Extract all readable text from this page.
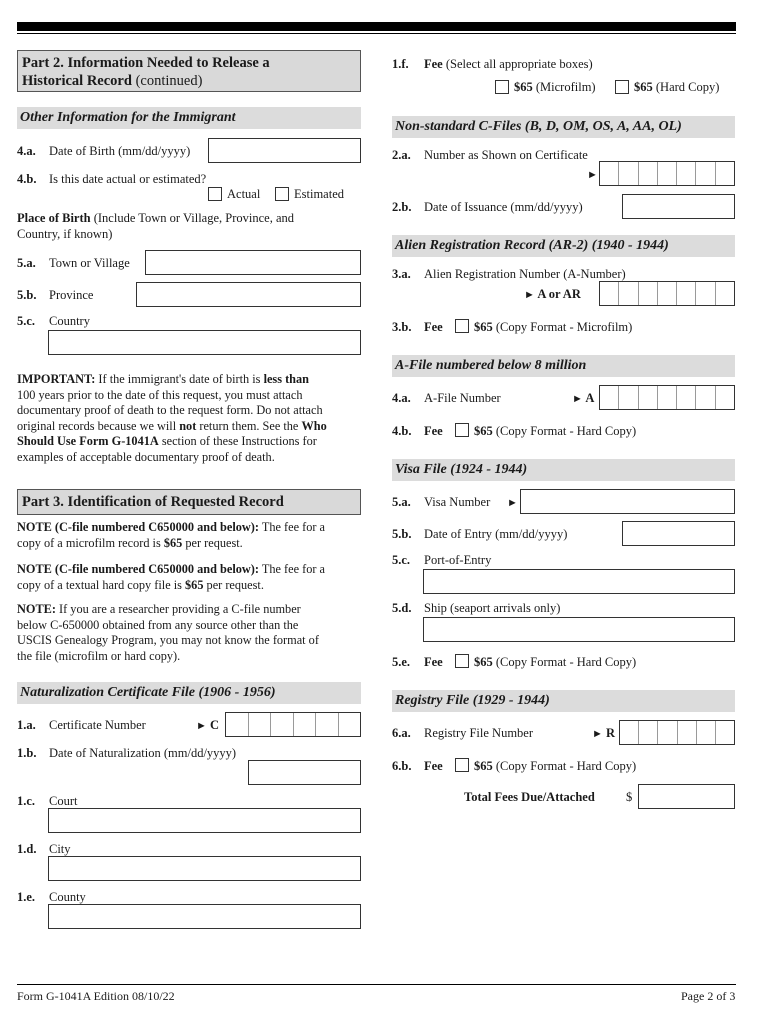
Part 2. Information Needed to Release a
Historical Record (continued)
Other Information for the Immigrant
4.a. Date of Birth (mm/dd/yyyy)
4.b. Is this date actual or estimated?
Actual	Estimated
Place of Birth (Include Town or Village, Province, and
Country, if known)
5.a. Town or Village
5.b. Province
5.c. Country
IMPORTANT: If the immigrant's date of birth is less than
100 years prior to the date of this request, you must attach
documentary proof of death to the request form. Do not attach
original records because we will not return them. See the Who
Should Use Form G-1041A section of these Instructions for
examples of acceptable documentary proof of death.
Part 3. Identification of Requested Record
NOTE (C-file numbered C650000 and below): The fee for a
copy of a microfilm record is $65 per request.
NOTE (C-file numbered C650000 and below): The fee for a
copy of a textual hard copy file is $65 per request.
NOTE: If you are a researcher providing a C-file number
below C-650000 obtained from any source other than the
USCIS Genealogy Program, you may not know the format of
the file (microfilm or hard copy).
Naturalization Certificate File (1906 - 1956)
1.a. Certificate Number	► C
1.b. Date of Naturalization (mm/dd/yyyy)
1.c. Court
1.d. City
1.e. County
1.f. Fee (Select all appropriate boxes)
$65 (Microfilm)	$65 (Hard Copy)
Non-standard C-Files (B, D, OM, OS, A, AA, OL)
2.a. Number as Shown on Certificate
►
2.b. Date of Issuance (mm/dd/yyyy)
Alien Registration Record (AR-2) (1940 - 1944)
3.a. Alien Registration Number (A-Number)
► A or AR
3.b. Fee	$65 (Copy Format - Microfilm)
A-File numbered below 8 million
4.a. A-File Number	► A
4.b. Fee	$65 (Copy Format - Hard Copy)
Visa File (1924 - 1944)
5.a. Visa Number ►
5.b. Date of Entry (mm/dd/yyyy)
5.c. Port-of-Entry
5.d. Ship (seaport arrivals only)
5.e. Fee	$65 (Copy Format - Hard Copy)
Registry File (1929 - 1944)
6.a. Registry File Number	► R
6.b. Fee	$65 (Copy Format - Hard Copy)
Total Fees Due/Attached $
Form G-1041A Edition 08/10/22	Page 2 of 3
